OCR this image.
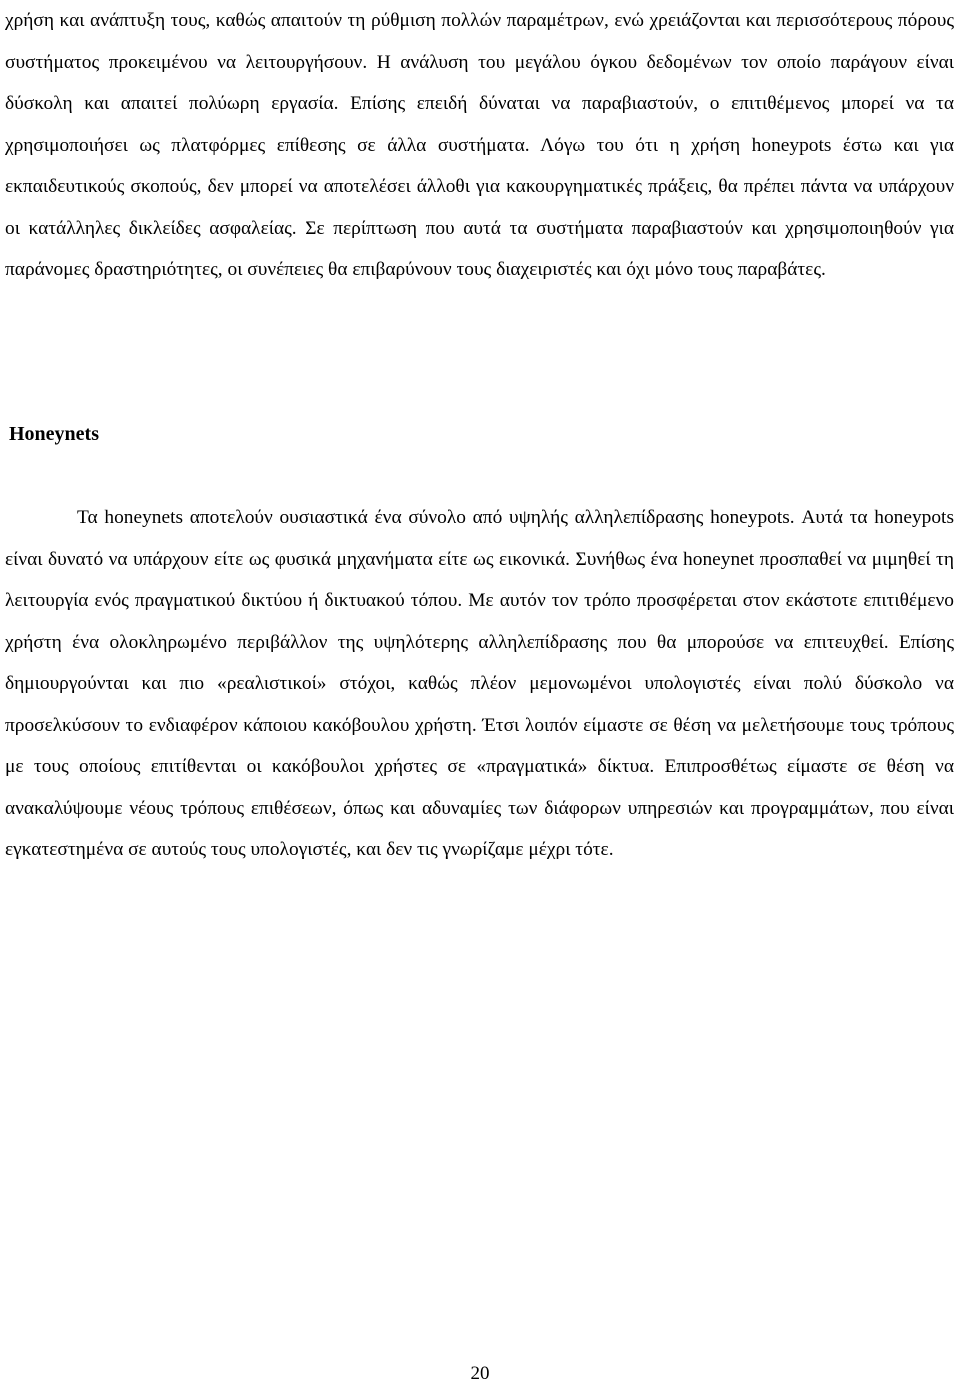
χρήση και ανάπτυξη τους, καθώς απαιτούν τη ρύθμιση πολλών παραμέτρων, ενώ χρειάζονται και περισσότερους πόρους συστήματος προκειμένου να λειτουργήσουν. Η ανάλυση του μεγάλου όγκου δεδομένων τον οποίο παράγουν είναι δύσκολη και απαιτεί πολύωρη εργασία. Επίσης επειδή δύναται να παραβιαστούν, ο επιτιθέμενος μπορεί να τα χρησιμοποιήσει ως πλατφόρμες επίθεσης σε άλλα συστήματα. Λόγω του ότι η χρήση honeypots έστω και για εκπαιδευτικούς σκοπούς, δεν μπορεί να αποτελέσει άλλοθι για κακουργηματικές πράξεις, θα πρέπει πάντα να υπάρχουν οι κατάλληλες δικλείδες ασφαλείας. Σε περίπτωση που αυτά τα συστήματα παραβιαστούν και χρησιμοποιηθούν για παράνομες δραστηριότητες, οι συνέπειες θα επιβαρύνουν τους διαχειριστές και όχι μόνο τους παραβάτες.

Honeynets

Τα honeynets αποτελούν ουσιαστικά ένα σύνολο από υψηλής αλληλεπίδρασης honeypots. Αυτά τα honeypots είναι δυνατό να υπάρχουν είτε ως φυσικά μηχανήματα είτε ως εικονικά. Συνήθως ένα honeynet προσπαθεί να μιμηθεί τη λειτουργία ενός πραγματικού δικτύου ή δικτυακού τόπου. Με αυτόν τον τρόπο προσφέρεται στον εκάστοτε επιτιθέμενο χρήστη ένα ολοκληρωμένο περιβάλλον της υψηλότερης αλληλεπίδρασης που θα μπορούσε να επιτευχθεί. Επίσης δημιουργούνται και πιο «ρεαλιστικοί» στόχοι, καθώς πλέον μεμονωμένοι υπολογιστές είναι πολύ δύσκολο να προσελκύσουν το ενδιαφέρον κάποιου κακόβουλου χρήστη. Έτσι λοιπόν είμαστε σε θέση να μελετήσουμε τους τρόπους με τους οποίους επιτίθενται οι κακόβουλοι χρήστες σε «πραγματικά» δίκτυα. Επιπροσθέτως είμαστε σε θέση να ανακαλύψουμε νέους τρόπους επιθέσεων, όπως και αδυναμίες των διάφορων υπηρεσιών και προγραμμάτων, που είναι εγκατεστημένα σε αυτούς τους υπολογιστές, και δεν τις γνωρίζαμε μέχρι τότε.

20
